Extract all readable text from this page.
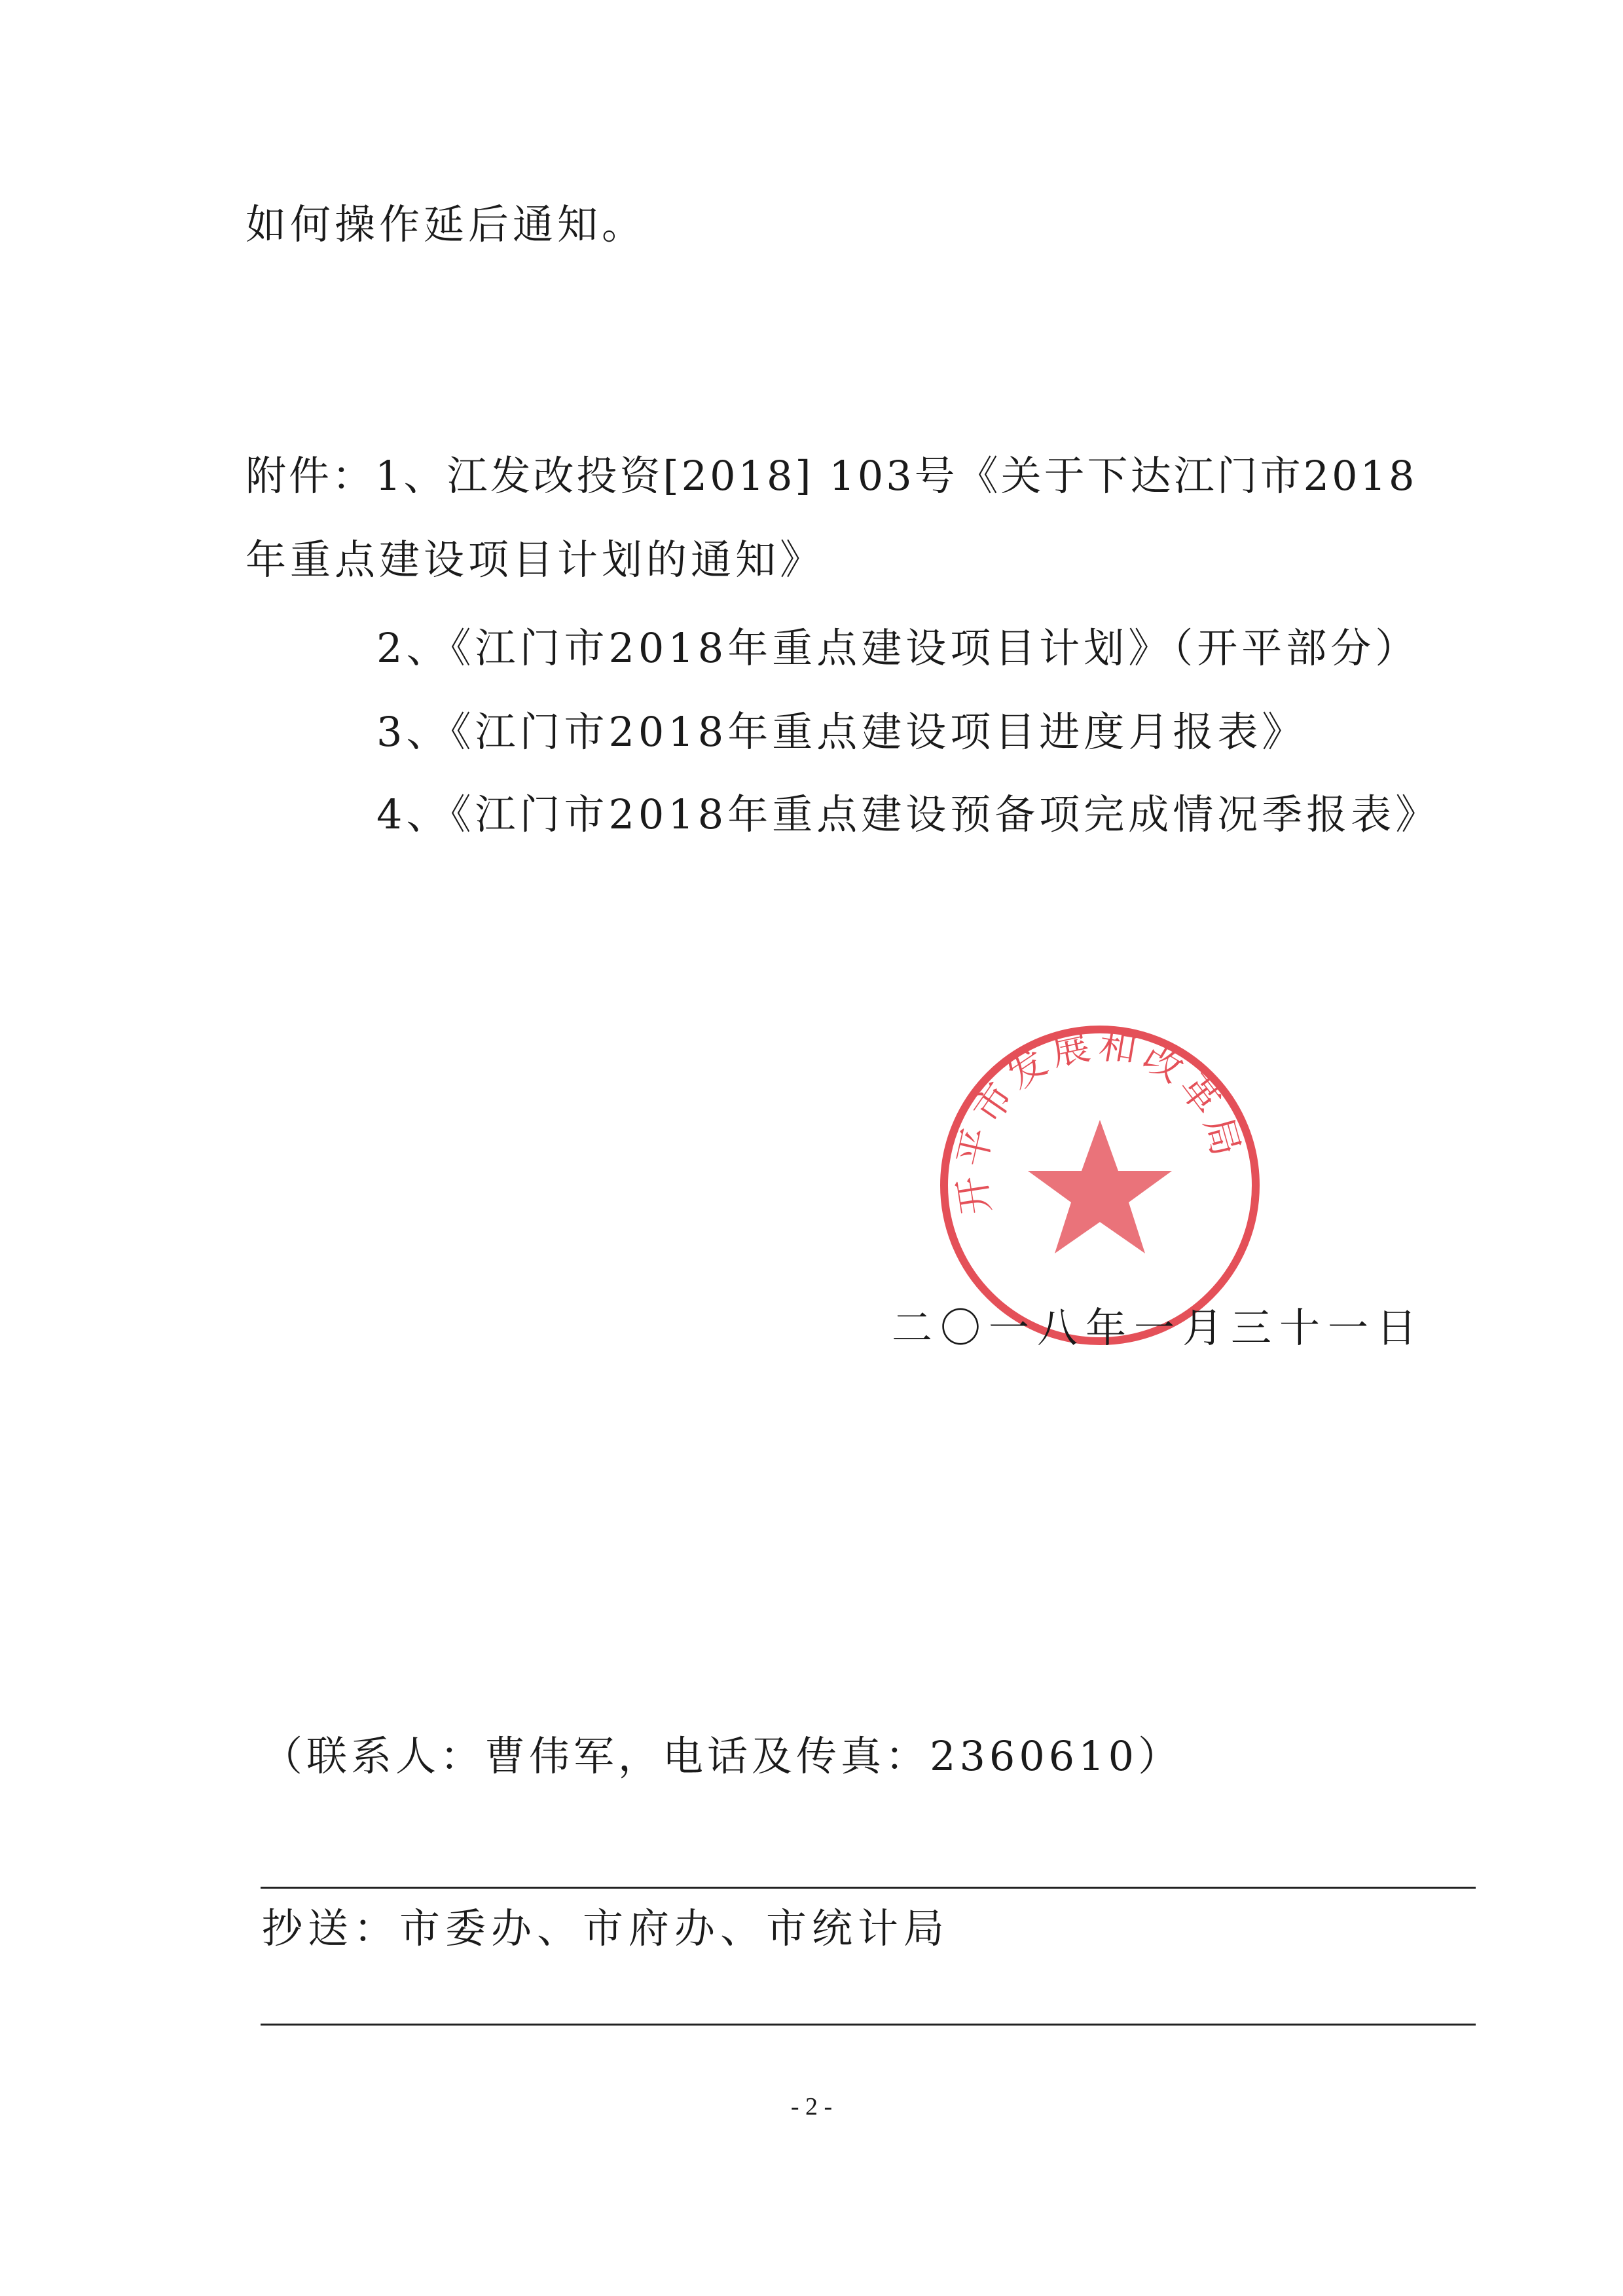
如何操作延后通知。
附件：1、江发改投资[2018] 103号《关于下达江门市2018
年重点建设项目计划的通知》
2、《江门市2018年重点建设项目计划》（开平部分）
3、《江门市2018年重点建设项目进度月报表》
4、《江门市2018年重点建设预备项完成情况季报表》
开平市发展和改革局
二〇一八年一月三十一日
（联系人：曹伟军，电话及传真：2360610）
抄送：市委办、市府办、市统计局
- 2 -
